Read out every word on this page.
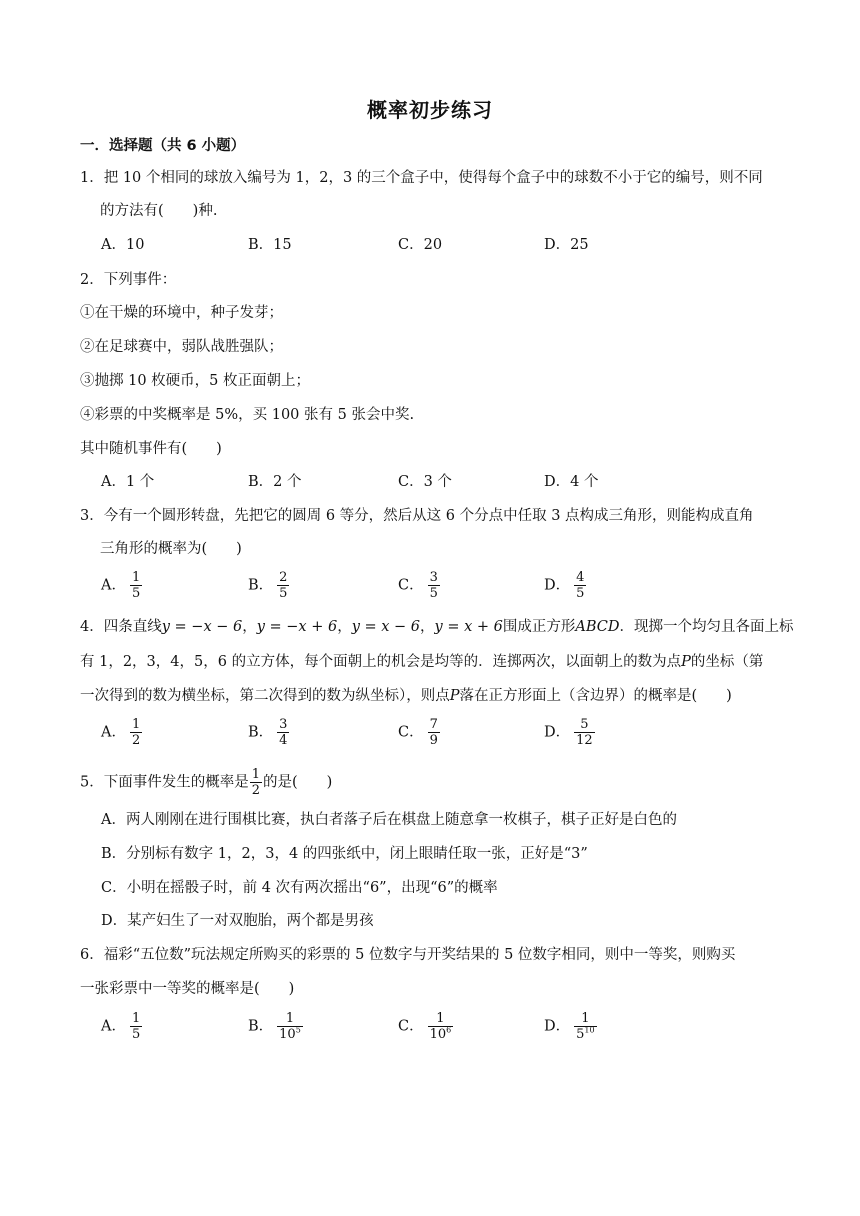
概率初步练习
一．选择题（共 6 小题）
1．把 10 个相同的球放入编号为 1，2，3 的三个盒子中，使得每个盒子中的球数不小于它的编号，则不同
的方法有(　　)种.
A．10	B．15	C．20	D．25
2．下列事件：
①在干燥的环境中，种子发芽；
②在足球赛中，弱队战胜强队；
③抛掷 10 枚硬币，5 枚正面朝上；
④彩票的中奖概率是 5%，买 100 张有 5 张会中奖.
其中随机事件有(　　)
A．1 个	B．2 个	C．3 个	D．4 个
3．今有一个圆形转盘，先把它的圆周 6 等分，然后从这 6 个分点中任取 3 点构成三角形，则能构成直角
三角形的概率为(　　)
A． $\frac{1}{5}$	B． $\frac{2}{5}$	C． $\frac{3}{5}$	D． $\frac{4}{5}$
4．四条直线y = −x − 6，y = −x + 6，y = x − 6，y = x + 6围成正方形ABCD．现掷一个均匀且各面上标
有 1，2，3，4，5，6 的立方体，每个面朝上的机会是均等的．连掷两次，以面朝上的数为点P的坐标（第
一次得到的数为横坐标，第二次得到的数为纵坐标），则点P落在正方形面上（含边界）的概率是(　　)
A． $\frac{1}{2}$	B． $\frac{3}{4}$	C． $\frac{7}{9}$	D． $\frac{5}{12}$
5．下面事件发生的概率是 $\frac{1}{2}$ 的是(　　)
A．两人刚刚在进行围棋比赛，执白者落子后在棋盘上随意拿一枚棋子，棋子正好是白色的
B．分别标有数字 1，2，3，4 的四张纸中，闭上眼睛任取一张，正好是“3”
C．小明在摇骰子时，前 4 次有两次摇出“6”，出现“6”的概率
D．某产妇生了一对双胞胎，两个都是男孩
6．福彩“五位数”玩法规定所购买的彩票的 5 位数字与开奖结果的 5 位数字相同，则中一等奖，则购买
一张彩票中一等奖的概率是(　　)
A． $\frac{1}{5}$	B． $\frac{1}{10^5}$	C． $\frac{1}{10^6}$	D． $\frac{1}{5^{10}}$
